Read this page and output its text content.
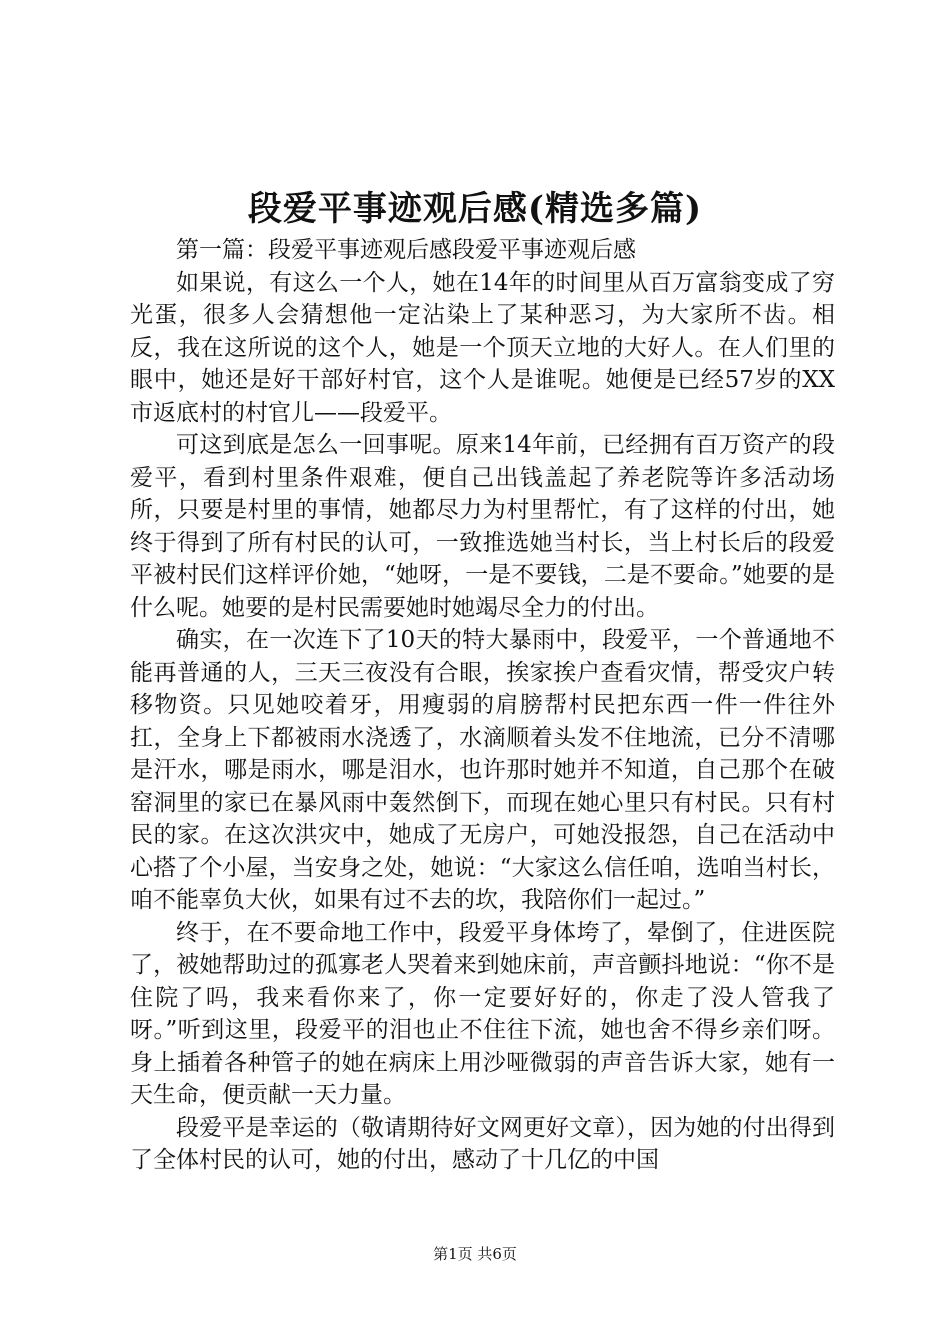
段爱平事迹观后感(精选多篇)

第一篇：段爱平事迹观后感段爱平事迹观后感

如果说，有这么一个人，她在14年的时间里从百万富翁变成了穷光蛋，很多人会猜想他一定沾染上了某种恶习，为大家所不齿。相反，我在这所说的这个人，她是一个顶天立地的大好人。在人们里的眼中，她还是好干部好村官，这个人是谁呢。她便是已经57岁的XX市返底村的村官儿——段爱平。

可这到底是怎么一回事呢。原来14年前，已经拥有百万资产的段爱平，看到村里条件艰难，便自己出钱盖起了养老院等许多活动场所，只要是村里的事情，她都尽力为村里帮忙，有了这样的付出，她终于得到了所有村民的认可，一致推选她当村长，当上村长后的段爱平被村民们这样评价她，“她呀，一是不要钱，二是不要命。”她要的是什么呢。她要的是村民需要她时她竭尽全力的付出。

确实，在一次连下了10天的特大暴雨中，段爱平，一个普通地不能再普通的人，三天三夜没有合眼，挨家挨户查看灾情，帮受灾户转移物资。只见她咬着牙，用瘦弱的肩膀帮村民把东西一件一件往外扛，全身上下都被雨水浇透了，水滴顺着头发不住地流，已分不清哪是汗水，哪是雨水，哪是泪水，也许那时她并不知道，自己那个在破窑洞里的家已在暴风雨中轰然倒下，而现在她心里只有村民。只有村民的家。在这次洪灾中，她成了无房户，可她没报怨，自己在活动中心搭了个小屋，当安身之处，她说：“大家这么信任咱，选咱当村长，咱不能辜负大伙，如果有过不去的坎，我陪你们一起过。”

终于，在不要命地工作中，段爱平身体垮了，晕倒了，住进医院了，被她帮助过的孤寡老人哭着来到她床前，声音颤抖地说：“你不是住院了吗，我来看你来了，你一定要好好的，你走了没人管我了呀。”听到这里，段爱平的泪也止不住往下流，她也舍不得乡亲们呀。身上插着各种管子的她在病床上用沙哑微弱的声音告诉大家，她有一天生命，便贡献一天力量。

段爱平是幸运的（敬请期待好文网更好文章），因为她的付出得到了全体村民的认可，她的付出，感动了十几亿的中国

第1页 共6页
